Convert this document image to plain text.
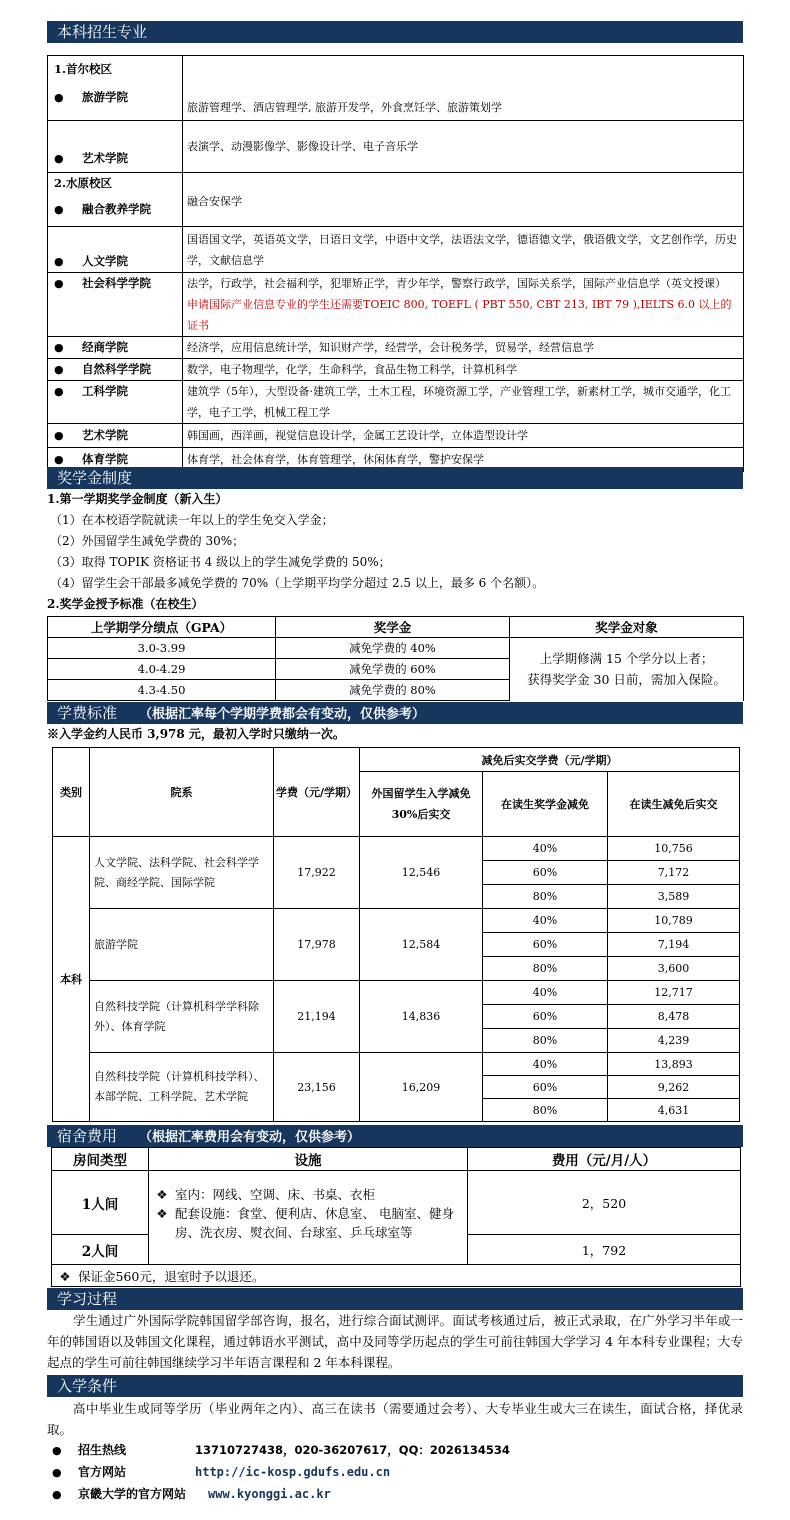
本科招生专业
1.首尔校区
● 旅游学院	旅游管理学、酒店管理学, 旅游开发学，外食烹饪学、旅游策划学
● 艺术学院	表演学、动漫影像学、影像设计学、电子音乐学

2.水原校区
● 融合教养学院	融合安保学
● 人文学院	国语国文学，英语英文学，日语日文学，中语中文学，法语法文学，德语德文学，俄语俄文学，文艺创作学，历史学，文献信息学
● 社会科学学院	法学，行政学，社会福利学，犯罪矫正学，青少年学，警察行政学，国际关系学，国际产业信息学（英文授课） 申请国际产业信息专业的学生还需要TOEIC 800, TOEFL ( PBT 550, CBT 213, IBT 79 ),IELTS 6.0 以上的证书
● 经商学院	经济学，应用信息统计学，知识财产学，经营学，会计税务学，贸易学，经营信息学
● 自然科学学院	数学，电子物理学，化学，生命科学，食品生物工科学，计算机科学
● 工科学院	建筑学（5年），大型设备·建筑工学，土木工程，环境资源工学，产业管理工学，新素材工学，城市交通学，化工学，电子工学，机械工程工学
● 艺术学院	韩国画，西洋画，视觉信息设计学，金属工艺设计学，立体造型设计学
● 体育学院	体育学，社会体育学，体育管理学，休闲体育学，警护安保学
奖学金制度
1.第一学期奖学金制度（新入生）
（1）在本校语学院就读一年以上的学生免交入学金；
（2）外国留学生减免学费的 30%；
（3）取得 TOPIK 资格证书 4 级以上的学生减免学费的 50%；
（4）留学生会干部最多减免学费的 70%（上学期平均学分超过 2.5 以上，最多 6 个名额）。
2.奖学金授予标准（在校生）
上学期学分绩点（GPA）	奖学金	奖学金对象
3.0-3.99	减免学费的 40%	上学期修满 15 个学分以上者；
获得奖学金 30 日前，需加入保险。

4.0-4.29	减免学费的 60%	
4.3-4.50	减免学费的 80%	
学费标准 （根据汇率每个学期学费都会有变动，仅供参考）
※入学金约人民币 3,978 元，最初入学时只缴纳一次。
类别	院系	学费（元/学期）	减免后实交学费（元/学期）		
			外国留学生入学减免 30%后实交	在读生奖学金减免	在读生减免后实交
本科	人文学院、法科学院、社会科学学院、商经学院、国际学院	17,922	12,546	40%	10,756
				60%	7,172
				80%	3,589
	旅游学院	17,978	12,584	40%	10,789
				60%	7,194
				80%	3,600
	自然科技学院（计算机科学学科除外）、体育学院	21,194	14,836	40%	12,717
				60%	8,478
				80%	4,239
	自然科技学院（计算机科技学科）、本部学院、工科学院、艺术学院	23,156	16,209	40%	13,893
				60%	9,262
				80%	4,631
宿舍费用 （根据汇率费用会有变动，仅供参考）
房间类型	设施	费用（元/月/人）
1人间	❖ 室内：网线、空调、床、书桌、衣柜
❖ 配套设施：食堂、便利店、休息室、 电脑室、健身房、洗衣房、熨衣间、台球室、乒乓球室等	2，520
2人间		1，792
❖ 保证金560元，退室时予以退还。		
学习过程
学生通过广外国际学院韩国留学部咨询，报名，进行综合面试测评。面试考核通过后，被正式录取，在广外学习半年或一年的韩国语以及韩国文化课程，通过韩语水平测试，高中及同等学历起点的学生可前往韩国大学学习 4 年本科专业课程；大专起点的学生可前往韩国继续学习半年语言课程和 2 年本科课程。
入学条件
高中毕业生或同等学历（毕业两年之内）、高三在读书（需要通过会考）、大专毕业生或大三在读生，面试合格，择优录取。
● 招生热线	13710727438，020-36207617，QQ：2026134534
● 官方网站	http://ic-kosp.gdufs.edu.cn
● 京畿大学的官方网站 www.kyonggi.ac.kr
